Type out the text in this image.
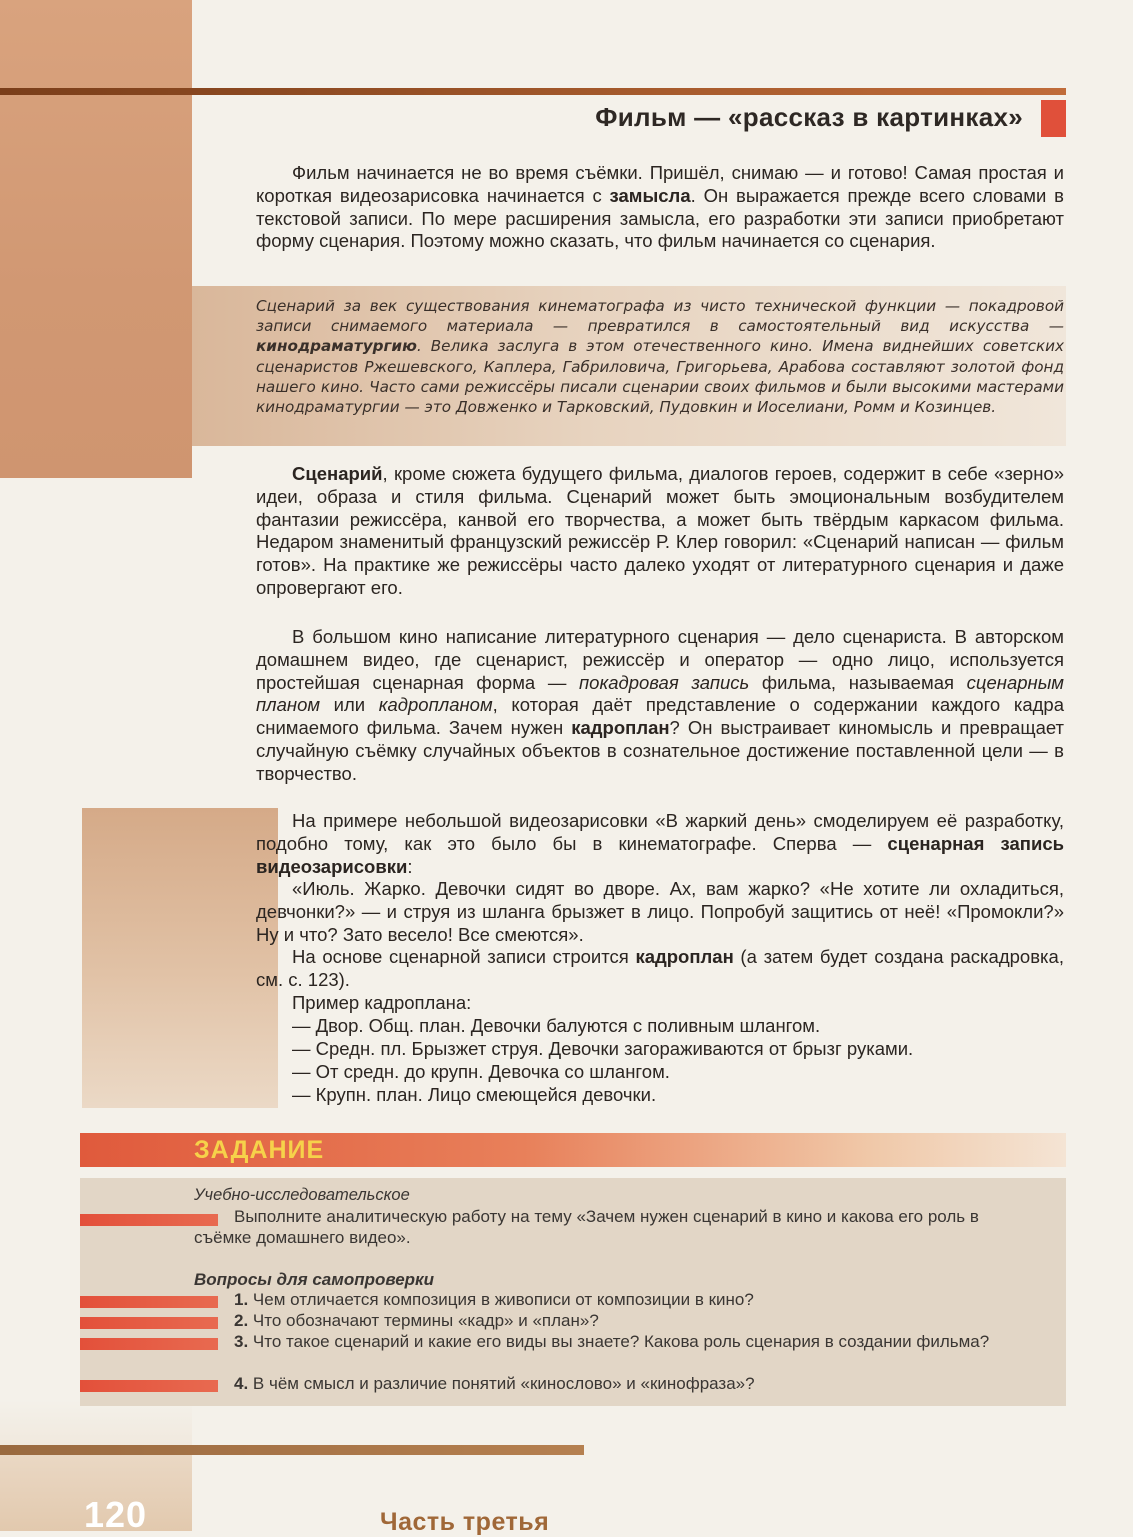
Фильм — «рассказ в картинках»

Фильм начинается не во время съёмки. Пришёл, снимаю — и готово! Самая простая и короткая видеозарисовка начинается с замысла. Он выражается прежде всего словами в текстовой записи. По мере расширения замысла, его разработки эти записи приобретают форму сценария. Поэтому можно сказать, что фильм начинается со сценария.

Сценарий за век существования кинематографа из чисто технической функции — покадровой записи снимаемого материала — превратился в самостоятельный вид искусства — кинодраматургию. Велика заслуга в этом отечественного кино. Имена виднейших советских сценаристов Ржешевского, Каплера, Габриловича, Григорьева, Арабова составляют золотой фонд нашего кино. Часто сами режиссёры писали сценарии своих фильмов и были высокими мастерами кинодраматургии — это Довженко и Тарковский, Пудовкин и Иоселиани, Ромм и Козинцев.

Сценарий, кроме сюжета будущего фильма, диалогов героев, содержит в себе «зерно» идеи, образа и стиля фильма. Сценарий может быть эмоциональным возбудителем фантазии режиссёра, канвой его творчества, а может быть твёрдым каркасом фильма. Недаром знаменитый французский режиссёр Р. Клер говорил: «Сценарий написан — фильм готов». На практике же режиссёры часто далеко уходят от литературного сценария и даже опровергают его.

В большом кино написание литературного сценария — дело сценариста. В авторском домашнем видео, где сценарист, режиссёр и оператор — одно лицо, используется простейшая сценарная форма — покадровая запись фильма, называемая сценарным планом или кадропланом, которая даёт представление о содержании каждого кадра снимаемого фильма. Зачем нужен кадроплан? Он выстраивает киномысль и превращает случайную съёмку случайных объектов в сознательное достижение поставленной цели — в творчество.

На примере небольшой видеозарисовки «В жаркий день» смоделируем её разработку, подобно тому, как это было бы в кинематографе. Сперва — сценарная запись видеозарисовки:

«Июль. Жарко. Девочки сидят во дворе. Ах, вам жарко? «Не хотите ли охладиться, девчонки?» — и струя из шланга брызжет в лицо. Попробуй защитись от неё! «Промокли?» Ну и что? Зато весело! Все смеются».

На основе сценарной записи строится кадроплан (а затем будет создана раскадровка, см. с. 123).

Пример кадроплана:

— Двор. Общ. план. Девочки балуются с поливным шлангом.

— Средн. пл. Брызжет струя. Девочки загораживаются от брызг руками.

— От средн. до крупн. Девочка со шлангом.

— Крупн. план. Лицо смеющейся девочки.

ЗАДАНИЕ
Учебно-исследовательское

Выполните аналитическую работу на тему «Зачем нужен сценарий в кино и какова его роль в съёмке домашнего видео».

Вопросы для самопроверки

1. Чем отличается композиция в живописи от композиции в кино?

2. Что обозначают термины «кадр» и «план»?

3. Что такое сценарий и какие его виды вы знаете? Какова роль сценария в создании фильма?

4. В чём смысл и различие понятий «кинослово» и «кинофраза»?

120	Часть третья
